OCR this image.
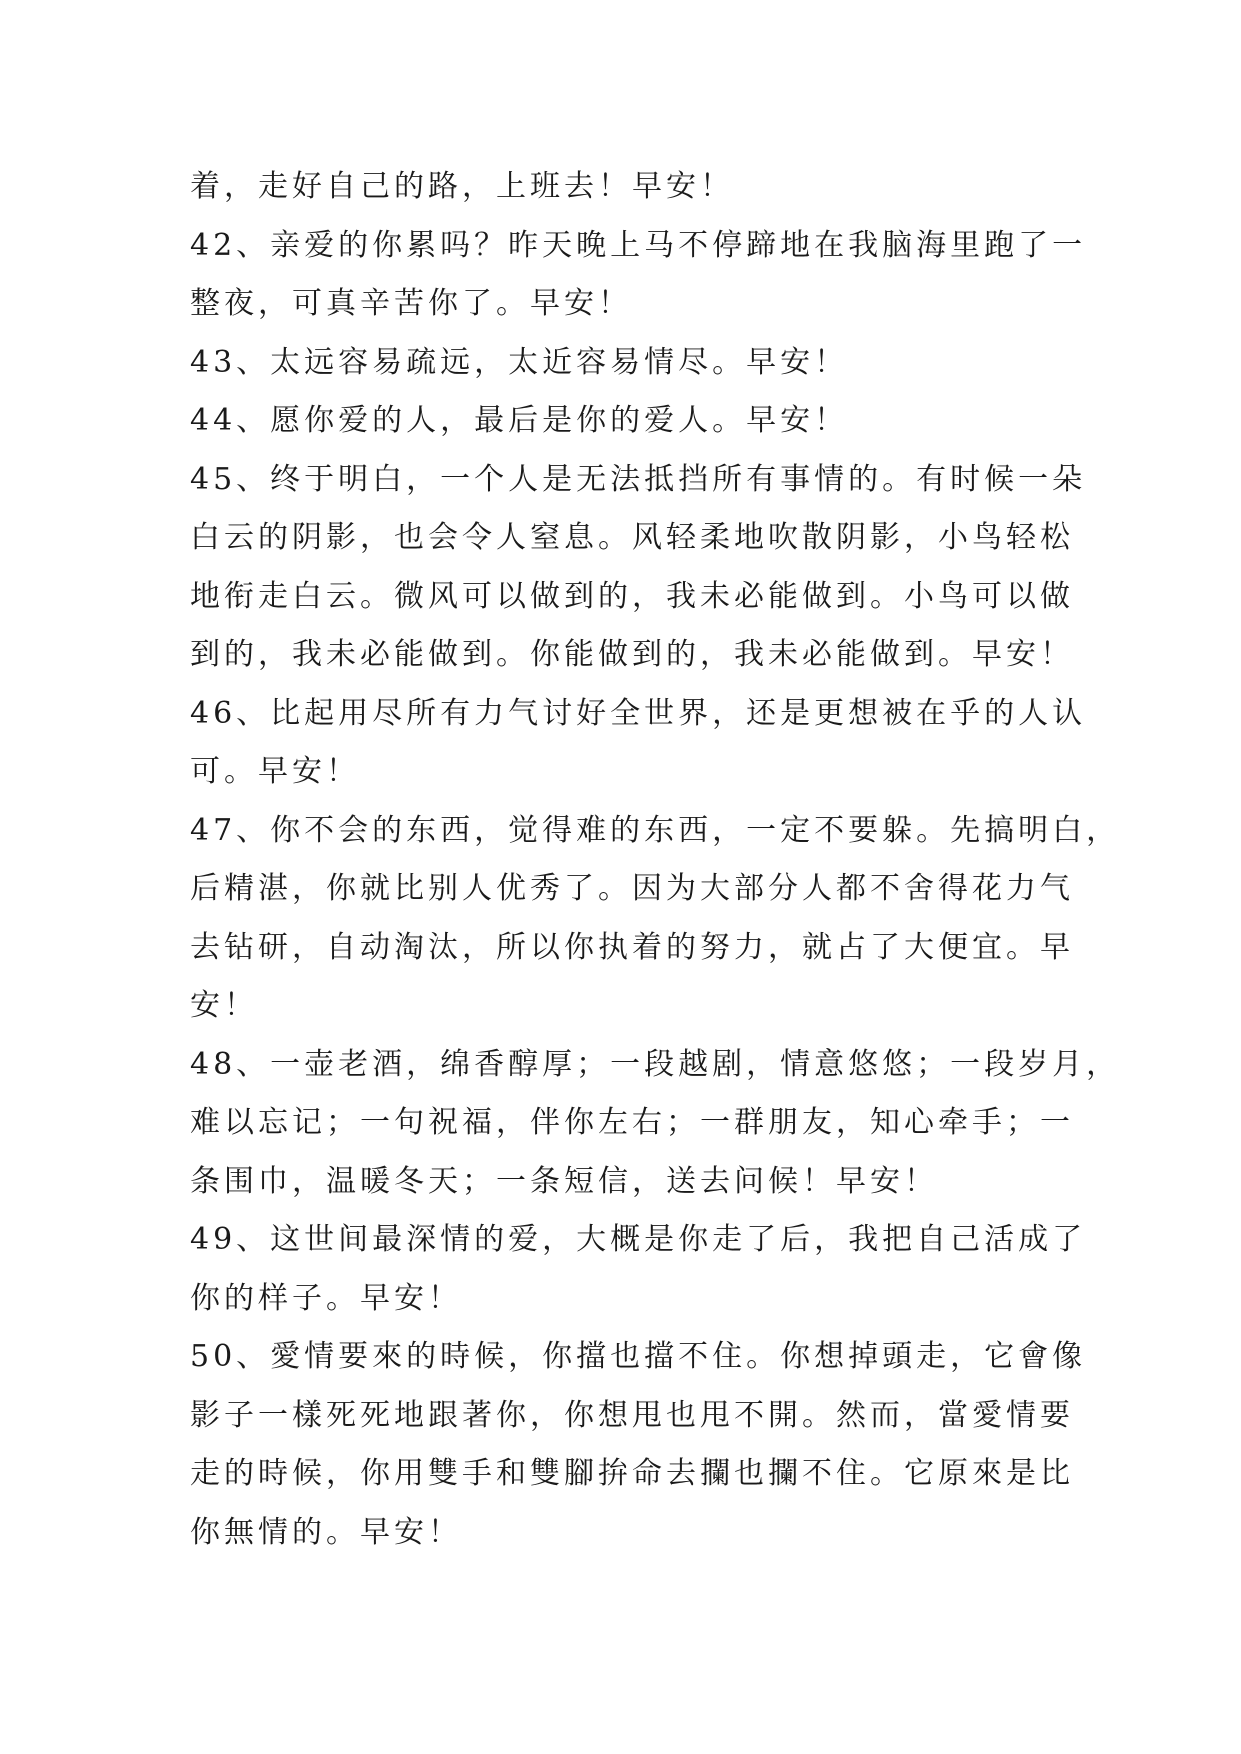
着，走好自己的路，上班去！早安！
42、亲爱的你累吗？昨天晚上马不停蹄地在我脑海里跑了一
整夜，可真辛苦你了。早安！
43、太远容易疏远，太近容易情尽。早安！
44、愿你爱的人，最后是你的爱人。早安！
45、终于明白，一个人是无法抵挡所有事情的。有时候一朵
白云的阴影，也会令人窒息。风轻柔地吹散阴影，小鸟轻松
地衔走白云。微风可以做到的，我未必能做到。小鸟可以做
到的，我未必能做到。你能做到的，我未必能做到。早安！
46、比起用尽所有力气讨好全世界，还是更想被在乎的人认
可。早安！
47、你不会的东西，觉得难的东西，一定不要躲。先搞明白，
后精湛，你就比别人优秀了。因为大部分人都不舍得花力气
去钻研，自动淘汰，所以你执着的努力，就占了大便宜。早
安！
48、一壶老酒，绵香醇厚；一段越剧，情意悠悠；一段岁月，
难以忘记；一句祝福，伴你左右；一群朋友，知心牵手；一
条围巾，温暖冬天；一条短信，送去问候！早安！
49、这世间最深情的爱，大概是你走了后，我把自己活成了
你的样子。早安！
50、愛情要來的時候，你擋也擋不住。你想掉頭走，它會像
影子一樣死死地跟著你，你想甩也甩不開。然而，當愛情要
走的時候，你用雙手和雙腳拚命去攔也攔不住。它原來是比
你無情的。早安！
